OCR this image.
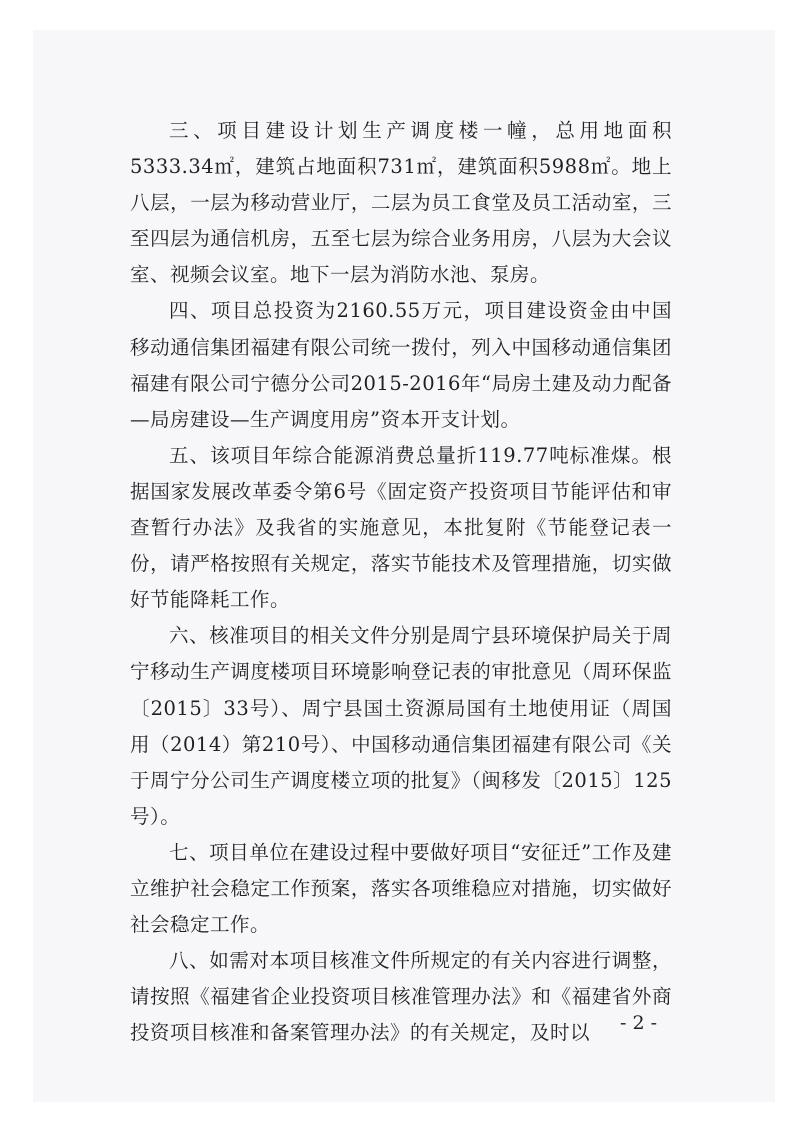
三、项目建设计划生产调度楼一幢，总用地面积5333.34㎡，建筑占地面积731㎡，建筑面积5988㎡。地上八层，一层为移动营业厅，二层为员工食堂及员工活动室，三至四层为通信机房，五至七层为综合业务用房，八层为大会议室、视频会议室。地下一层为消防水池、泵房。

四、项目总投资为2160.55万元，项目建设资金由中国移动通信集团福建有限公司统一拨付，列入中国移动通信集团福建有限公司宁德分公司2015-2016年“局房土建及动力配备—局房建设—生产调度用房”资本开支计划。

五、该项目年综合能源消费总量折119.77吨标准煤。根据国家发展改革委令第6号《固定资产投资项目节能评估和审查暂行办法》及我省的实施意见，本批复附《节能登记表一份，请严格按照有关规定，落实节能技术及管理措施，切实做好节能降耗工作。

六、核准项目的相关文件分别是周宁县环境保护局关于周宁移动生产调度楼项目环境影响登记表的审批意见（周环保监〔2015〕33号）、周宁县国土资源局国有土地使用证（周国用（2014）第210号）、中国移动通信集团福建有限公司《关于周宁分公司生产调度楼立项的批复》（闽移发〔2015〕125号）。

七、项目单位在建设过程中要做好项目“安征迁”工作及建立维护社会稳定工作预案，落实各项维稳应对措施，切实做好社会稳定工作。

八、如需对本项目核准文件所规定的有关内容进行调整，请按照《福建省企业投资项目核准管理办法》和《福建省外商投资项目核准和备案管理办法》的有关规定，及时以	- 2 -
